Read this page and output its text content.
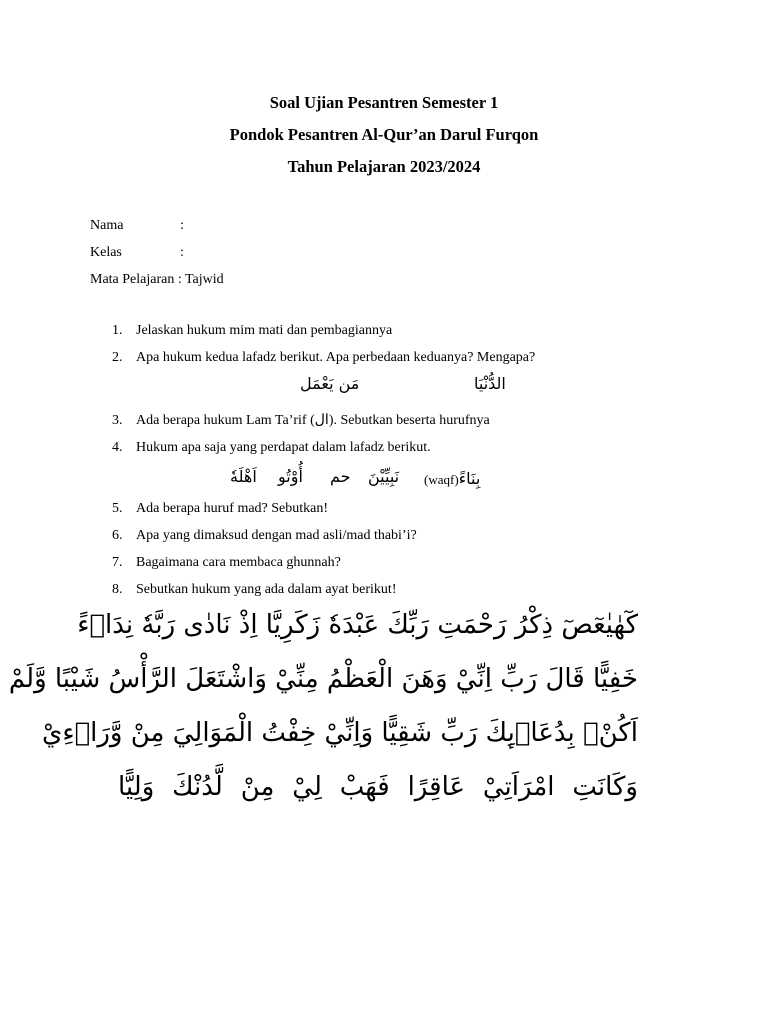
Soal Ujian Pesantren Semester 1
Pondok Pesantren Al-Qur’an Darul Furqon
Tahun Pelajaran 2023/2024
Nama	:
Kelas	:
Mata Pelajaran : Tajwid
1. Jelaskan hukum mim mati dan pembagiannya
2. Apa hukum kedua lafadz berikut. Apa perbedaan keduanya? Mengapa?
مَن يَعْمَل	الدُّنْيَا
3. Ada berapa hukum Lam Ta’rif (ال). Sebutkan beserta hurufnya
4. Hukum apa saja yang perdapat dalam lafadz berikut.
اَهْلَهٗ أُوْتُو حم نَبِيِّيْنَ (waqf)بِنَاءً
5. Ada berapa huruf mad? Sebutkan!
6. Apa yang dimaksud dengan mad asli/mad thabi’i?
7. Bagaimana cara membaca ghunnah?
8. Sebutkan hukum yang ada dalam ayat berikut!
كٓهٰيٰعٓصٓ ذِكْرُ رَحْمَتِ رَبِّكَ عَبْدَهٗ زَكَرِيَّا اِذْ نَادٰى رَبَّهٗ نِدَاۤءً
خَفِيًّا قَالَ رَبِّ اِنِّيْ وَهَنَ الْعَظْمُ مِنِّيْ وَاشْتَعَلَ الرَّأْسُ شَيْبًا وَّلَمْ
اَكُنْۢ بِدُعَاۤىِٕكَ رَبِّ شَقِيًّا وَاِنِّيْ خِفْتُ الْمَوَالِيَ مِنْ وَّرَاۤءِيْ
وَكَانَتِ امْرَاَتِيْ عَاقِرًا فَهَبْ لِيْ مِنْ لَّدُنْكَ وَلِيًّا
